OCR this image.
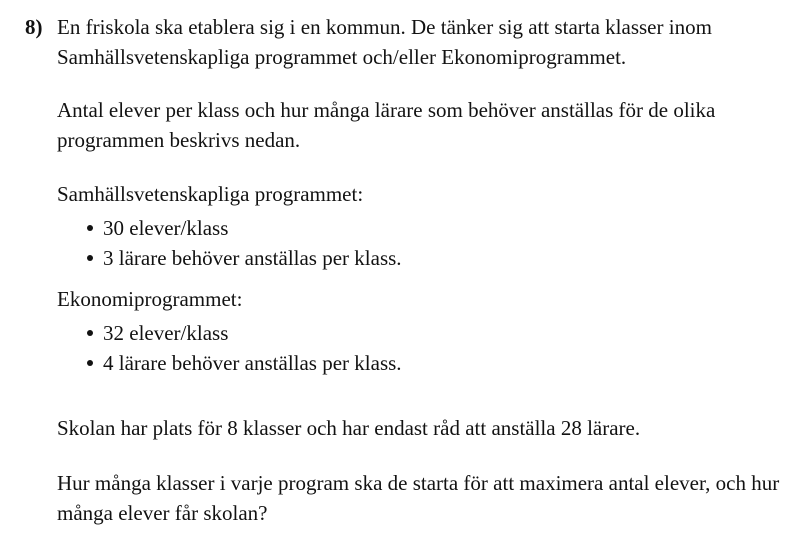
8) En friskola ska etablera sig i en kommun. De tänker sig att starta klasser inom
Samhällsvetenskapliga programmet och/eller Ekonomiprogrammet.

Antal elever per klass och hur många lärare som behöver anställas för de olika
programmen beskrivs nedan.

Samhällsvetenskapliga programmet:

30 elever/klass
3 lärare behöver anställas per klass.

Ekonomiprogrammet:

32 elever/klass
4 lärare behöver anställas per klass.

Skolan har plats för 8 klasser och har endast råd att anställa 28 lärare.

Hur många klasser i varje program ska de starta för att maximera antal elever, och hur
många elever får skolan?
